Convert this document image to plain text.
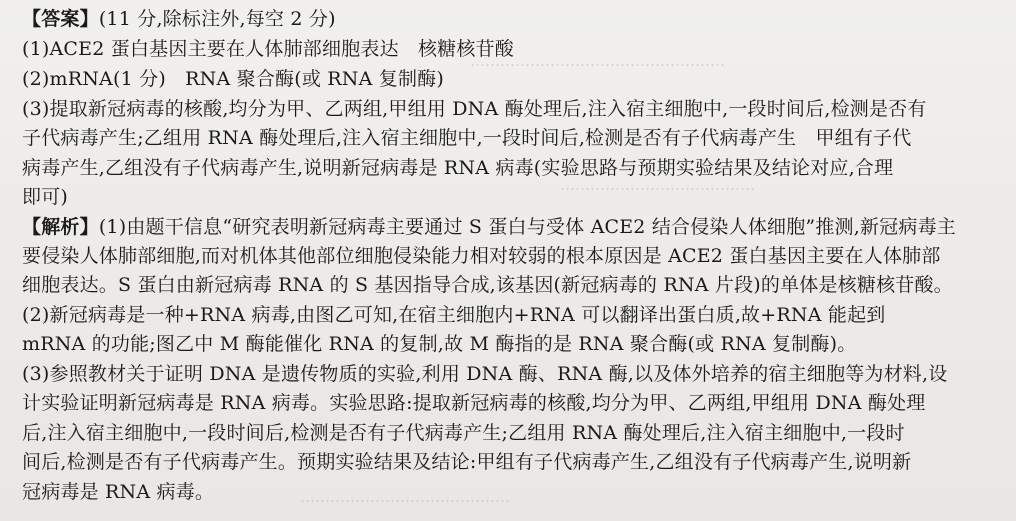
……………………………………………
…………………………………
……………………………………
【答案】(11 分,除标注外,每空 2 分)
(1)ACE2 蛋白基因主要在人体肺部细胞表达　核糖核苷酸
(2)mRNA(1 分)　RNA 聚合酶(或 RNA 复制酶)
(3)提取新冠病毒的核酸,均分为甲、乙两组,甲组用 DNA 酶处理后,注入宿主细胞中,一段时间后,检测是否有
子代病毒产生;乙组用 RNA 酶处理后,注入宿主细胞中,一段时间后,检测是否有子代病毒产生　甲组有子代
病毒产生,乙组没有子代病毒产生,说明新冠病毒是 RNA 病毒(实验思路与预期实验结果及结论对应,合理
即可)
【解析】(1)由题干信息“研究表明新冠病毒主要通过 S 蛋白与受体 ACE2 结合侵染人体细胞”推测,新冠病毒主
要侵染人体肺部细胞,而对机体其他部位细胞侵染能力相对较弱的根本原因是 ACE2 蛋白基因主要在人体肺部
细胞表达。S 蛋白由新冠病毒 RNA 的 S 基因指导合成,该基因(新冠病毒的 RNA 片段)的单体是核糖核苷酸。
(2)新冠病毒是一种+RNA 病毒,由图乙可知,在宿主细胞内+RNA 可以翻译出蛋白质,故+RNA 能起到
mRNA 的功能;图乙中 M 酶能催化 RNA 的复制,故 M 酶指的是 RNA 聚合酶(或 RNA 复制酶)。
(3)参照教材关于证明 DNA 是遗传物质的实验,利用 DNA 酶、RNA 酶,以及体外培养的宿主细胞等为材料,设
计实验证明新冠病毒是 RNA 病毒。实验思路:提取新冠病毒的核酸,均分为甲、乙两组,甲组用 DNA 酶处理
后,注入宿主细胞中,一段时间后,检测是否有子代病毒产生;乙组用 RNA 酶处理后,注入宿主细胞中,一段时
间后,检测是否有子代病毒产生。预期实验结果及结论:甲组有子代病毒产生,乙组没有子代病毒产生,说明新
冠病毒是 RNA 病毒。
